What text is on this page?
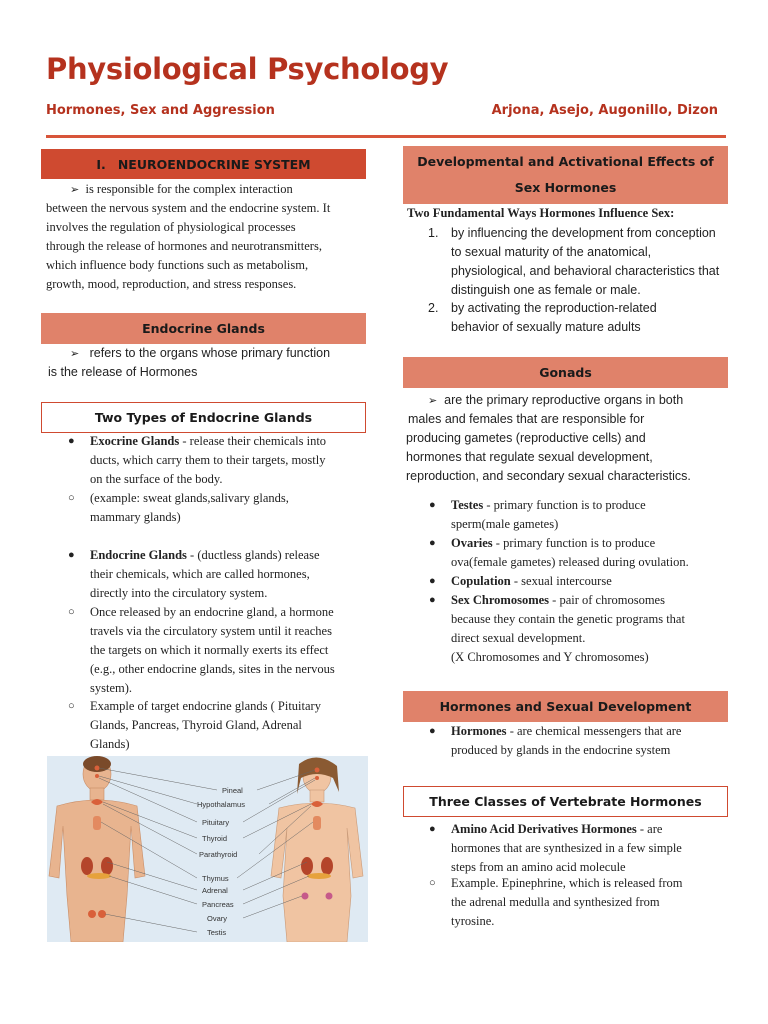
Physiological Psychology
Hormones, Sex and Aggression	Arjona, Asejo, Augonillo, Dizon
I. NEUROENDOCRINE SYSTEM
➢ is responsible for the complex interaction
between the nervous system and the endocrine system. It
involves the regulation of physiological processes
through the release of hormones and neurotransmitters,
which influence body functions such as metabolism,
growth, mood, reproduction, and stress responses.
Endocrine Glands
➢ refers to the organs whose primary function
is the release of Hormones
Two Types of Endocrine Glands
● Exocrine Glands - release their chemicals into
ducts, which carry them to their targets, mostly
on the surface of the body.
○ (example: sweat glands,salivary glands,
mammary glands)
● Endocrine Glands - (ductless glands) release
their chemicals, which are called hormones,
directly into the circulatory system.
○ Once released by an endocrine gland, a hormone
travels via the circulatory system until it reaches
the targets on which it normally exerts its effect
(e.g., other endocrine glands, sites in the nervous
system).
○ Example of target endocrine glands ( Pituitary
Glands, Pancreas, Thyroid Gland, Adrenal
Glands)
Pineal
Hypothalamus
Pituitary
Thyroid
Parathyroid
Thymus
Adrenal
Pancreas
Ovary
Testis
Developmental and Activational Effects of
Sex Hormones
Two Fundamental Ways Hormones Influence Sex:
1. by influencing the development from conception
to sexual maturity of the anatomical,
physiological, and behavioral characteristics that
distinguish one as female or male.
2. by activating the reproduction-related
behavior of sexually mature adults
Gonads
➢ are the primary reproductive organs in both
males and females that are responsible for
producing gametes (reproductive cells) and
hormones that regulate sexual development,
reproduction, and secondary sexual characteristics.
● Testes - primary function is to produce
sperm(male gametes)
● Ovaries - primary function is to produce
ova(female gametes) released during ovulation.
● Copulation - sexual intercourse
● Sex Chromosomes - pair of chromosomes
because they contain the genetic programs that
direct sexual development.
(X Chromosomes and Y chromosomes)
Hormones and Sexual Development
● Hormones - are chemical messengers that are
produced by glands in the endocrine system
Three Classes of Vertebrate Hormones
● Amino Acid Derivatives Hormones - are
hormones that are synthesized in a few simple
steps from an amino acid molecule
○ Example. Epinephrine, which is released from
the adrenal medulla and synthesized from
tyrosine.
